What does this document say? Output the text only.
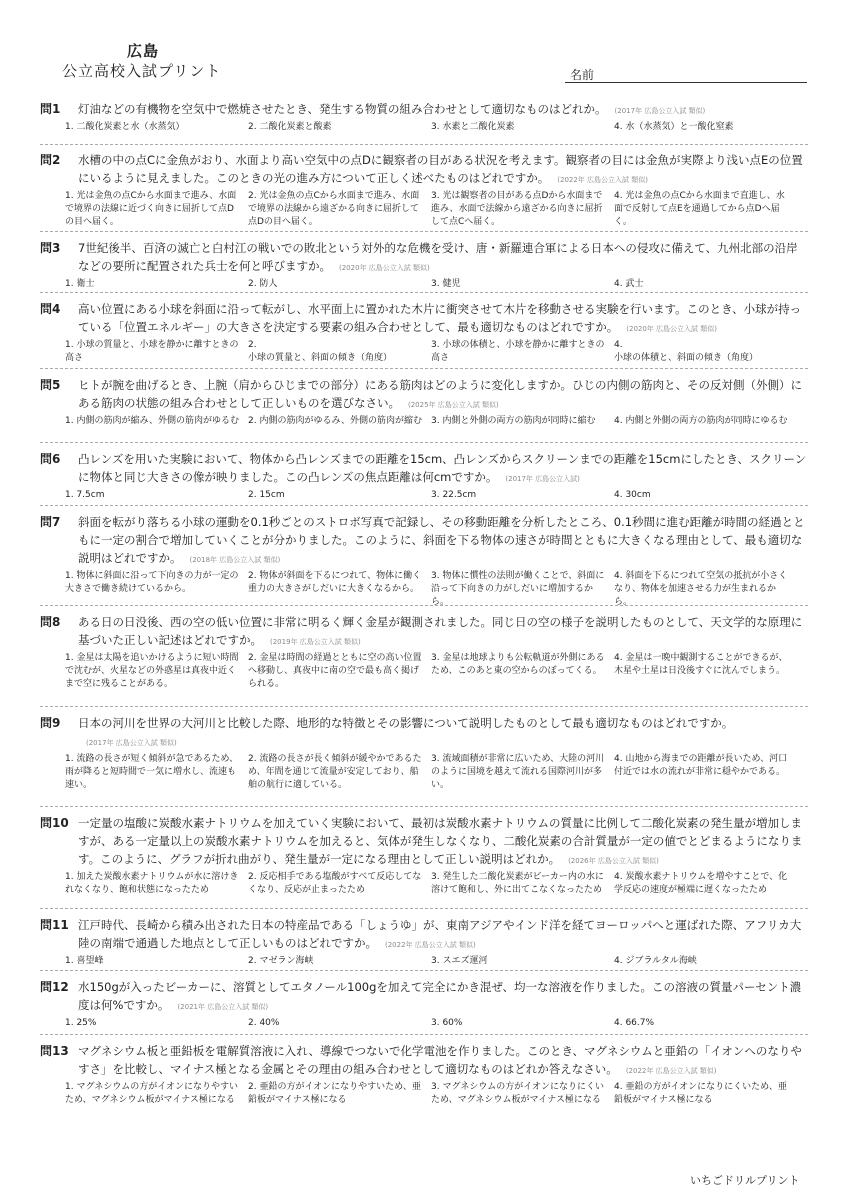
広島
公立高校入試プリント	名前
問1	灯油などの有機物を空気中で燃焼させたとき、発生する物質の組み合わせとして適切なものはどれか。 (2017年 広島公立入試 類似)
1. 二酸化炭素と水（水蒸気）	2. 二酸化炭素と酸素	3. 水素と二酸化炭素	4. 水（水蒸気）と一酸化窒素
問2	水槽の中の点Cに金魚がおり、水面より高い空気中の点Dに観察者の目がある状況を考えます。観察者の目には金魚が実際より浅い点Eの位置にいるように見えました。このときの光の進み方について正しく述べたものはどれですか。 (2022年 広島公立入試 類似)
1. 光は金魚の点Cから水面まで進み、水面で境界の法線に近づく向きに屈折して点Dの目へ届く。
2. 光は金魚の点Cから水面まで進み、水面で境界の法線から遠ざかる向きに屈折して点Dの目へ届く。
3. 光は観察者の目がある点Dから水面まで進み、水面で法線から遠ざかる向きに屈折して点Cへ届く。
4. 光は金魚の点Cから水面まで直進し、水面で反射して点Eを通過してから点Dへ届く。
問3	7世紀後半、百済の滅亡と白村江の戦いでの敗北という対外的な危機を受け、唐・新羅連合軍による日本への侵攻に備えて、九州北部の沿岸などの要所に配置された兵士を何と呼びますか。 (2020年 広島公立入試 類似)
1. 衛士	2. 防人	3. 健児	4. 武士
問4	高い位置にある小球を斜面に沿って転がし、水平面上に置かれた木片に衝突させて木片を移動させる実験を行います。このとき、小球が持っている「位置エネルギー」の大きさを決定する要素の組み合わせとして、最も適切なものはどれですか。 (2020年 広島公立入試 類似)
1. 小球の質量と、小球を静かに離すときの高さ
2.
小球の質量と、斜面の傾き（角度）
3. 小球の体積と、小球を静かに離すときの高さ
4.
小球の体積と、斜面の傾き（角度）
問5	ヒトが腕を曲げるとき、上腕（肩からひじまでの部分）にある筋肉はどのように変化しますか。ひじの内側の筋肉と、その反対側（外側）にある筋肉の状態の組み合わせとして正しいものを選びなさい。 (2025年 広島公立入試 類似)
1. 内側の筋肉が縮み、外側の筋肉がゆるむ	2. 内側の筋肉がゆるみ、外側の筋肉が縮む	3. 内側と外側の両方の筋肉が同時に縮む	4. 内側と外側の両方の筋肉が同時にゆるむ
問6	凸レンズを用いた実験において、物体から凸レンズまでの距離を15cm、凸レンズからスクリーンまでの距離を15cmにしたとき、スクリーンに物体と同じ大きさの像が映りました。この凸レンズの焦点距離は何cmですか。 (2017年 広島公立入試)
1. 7.5cm	2. 15cm	3. 22.5cm	4. 30cm
問7	斜面を転がり落ちる小球の運動を0.1秒ごとのストロボ写真で記録し、その移動距離を分析したところ、0.1秒間に進む距離が時間の経過とともに一定の割合で増加していくことが分かりました。このように、斜面を下る物体の速さが時間とともに大きくなる理由として、最も適切な説明はどれですか。 (2018年 広島公立入試 類似)
1. 物体に斜面に沿って下向きの力が一定の大きさで働き続けているから。
2. 物体が斜面を下るにつれて、物体に働く重力の大きさがしだいに大きくなるから。
3. 物体に慣性の法則が働くことで、斜面に沿って下向きの力がしだいに増加するから。
4. 斜面を下るにつれて空気の抵抗が小さくなり、物体を加速させる力が生まれるから。
問8	ある日の日没後、西の空の低い位置に非常に明るく輝く金星が観測されました。同じ日の空の様子を説明したものとして、天文学的な原理に基づいた正しい記述はどれですか。 (2019年 広島公立入試 類似)
1. 金星は太陽を追いかけるように短い時間で沈むが、火星などの外惑星は真夜中近くまで空に残ることがある。
2. 金星は時間の経過とともに空の高い位置へ移動し、真夜中に南の空で最も高く掲げられる。
3. 金星は地球よりも公転軌道が外側にあるため、このあと東の空からのぼってくる。
4. 金星は一晩中観測することができるが、木星や土星は日没後すぐに沈んでしまう。
問9	日本の河川を世界の大河川と比較した際、地形的な特徴とその影響について説明したものとして最も適切なものはどれですか。(2017年 広島公立入試 類似)
1. 流路の長さが短く傾斜が急であるため、雨が降ると短時間で一気に増水し、流速も速い。
2. 流路の長さが長く傾斜が緩やかであるため、年間を通じて流量が安定しており、船舶の航行に適している。
3. 流域面積が非常に広いため、大陸の河川のように国境を越えて流れる国際河川が多い。
4. 山地から海までの距離が長いため、河口付近では水の流れが非常に穏やかである。
問10 一定量の塩酸に炭酸水素ナトリウムを加えていく実験において、最初は炭酸水素ナトリウムの質量に比例して二酸化炭素の発生量が増加しますが、ある一定量以上の炭酸水素ナトリウムを加えると、気体が発生しなくなり、二酸化炭素の合計質量が一定の値でとどまるようになります。このように、グラフが折れ曲がり、発生量が一定になる理由として正しい説明はどれか。 (2026年 広島公立入試 類似)
1. 加えた炭酸水素ナトリウムが水に溶けきれなくなり、飽和状態になったため
2. 反応相手である塩酸がすべて反応してなくなり、反応が止まったため
3. 発生した二酸化炭素がビーカー内の水に溶けて飽和し、外に出てこなくなったため
4. 炭酸水素ナトリウムを増やすことで、化学反応の速度が極端に遅くなったため
問11 江戸時代、長崎から積み出された日本の特産品である「しょうゆ」が、東南アジアやインド洋を経てヨーロッパへと運ばれた際、アフリカ大陸の南端で通過した地点として正しいものはどれですか。 (2022年 広島公立入試 類似)
1. 喜望峰	2. マゼラン海峡	3. スエズ運河	4. ジブラルタル海峡
問12 水150gが入ったビーカーに、溶質としてエタノール100gを加えて完全にかき混ぜ、均一な溶液を作りました。この溶液の質量パーセント濃度は何%ですか。 (2021年 広島公立入試 類似)
1. 25%	2. 40%	3. 60%	4. 66.7%
問13 マグネシウム板と亜鉛板を電解質溶液に入れ、導線でつないで化学電池を作りました。このとき、マグネシウムと亜鉛の「イオンへのなりやすさ」を比較し、マイナス極となる金属とその理由の組み合わせとして適切なものはどれか答えなさい。 (2022年 広島公立入試 類似)
1. マグネシウムの方がイオンになりやすいため、マグネシウム板がマイナス極になる
2. 亜鉛の方がイオンになりやすいため、亜鉛板がマイナス極になる
3. マグネシウムの方がイオンになりにくいため、マグネシウム板がマイナス極になる
4. 亜鉛の方がイオンになりにくいため、亜鉛板がマイナス極になる
いちごドリルプリント
